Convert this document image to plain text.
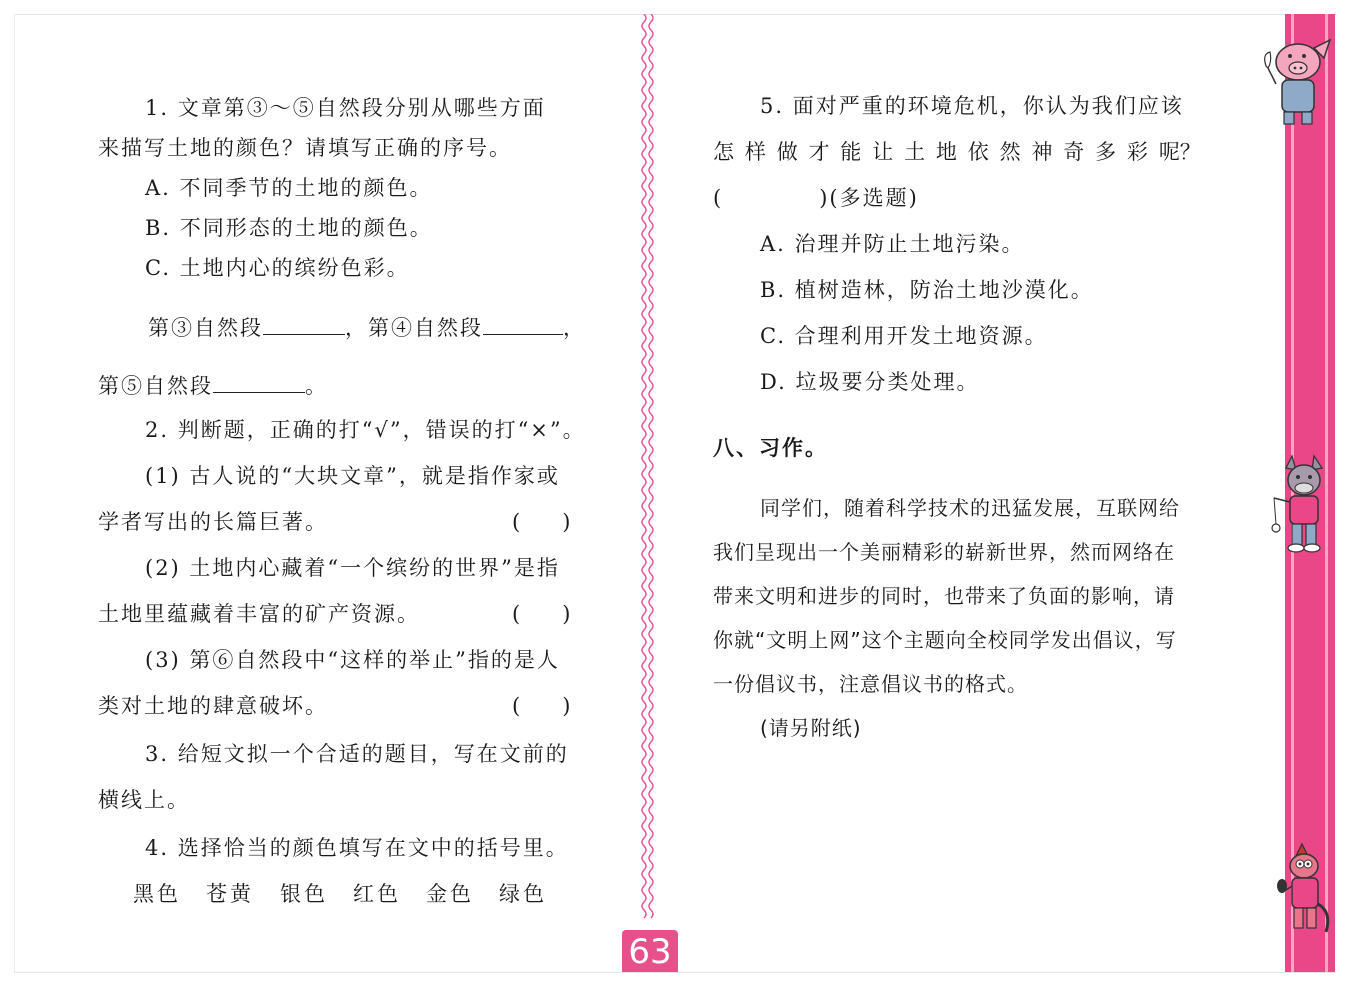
1. 文章第③～⑤自然段分别从哪些方面
来描写土地的颜色？请填写正确的序号。
A. 不同季节的土地的颜色。
B. 不同形态的土地的颜色。
C. 土地内心的缤纷色彩。
第③自然段	，第④自然段	，
第⑤自然段	。
2. 判断题，正确的打“√”，错误的打“×”。
(1) 古人说的“大块文章”，就是指作家或
学者写出的长篇巨著。	(　　)
(2) 土地内心藏着“一个缤纷的世界”是指
土地里蕴藏着丰富的矿产资源。	(　　)
(3) 第⑥自然段中“这样的举止”指的是人
类对土地的肆意破坏。	(　　)
3. 给短文拟一个合适的题目，写在文前的
横线上。
4. 选择恰当的颜色填写在文中的括号里。
黑色 苍黄 银色 红色 金色 绿色
63
5. 面对严重的环境危机，你认为我们应该
怎 样 做 才 能 让 土 地 依 然 神 奇 多 彩 呢？
(	)(多选题)
A. 治理并防止土地污染。
B. 植树造林，防治土地沙漠化。
C. 合理利用开发土地资源。
D. 垃圾要分类处理。
八、习作。
同学们，随着科学技术的迅猛发展，互联网给
我们呈现出一个美丽精彩的崭新世界，然而网络在
带来文明和进步的同时，也带来了负面的影响，请
你就“文明上网”这个主题向全校同学发出倡议，写
一份倡议书，注意倡议书的格式。
(请另附纸)
